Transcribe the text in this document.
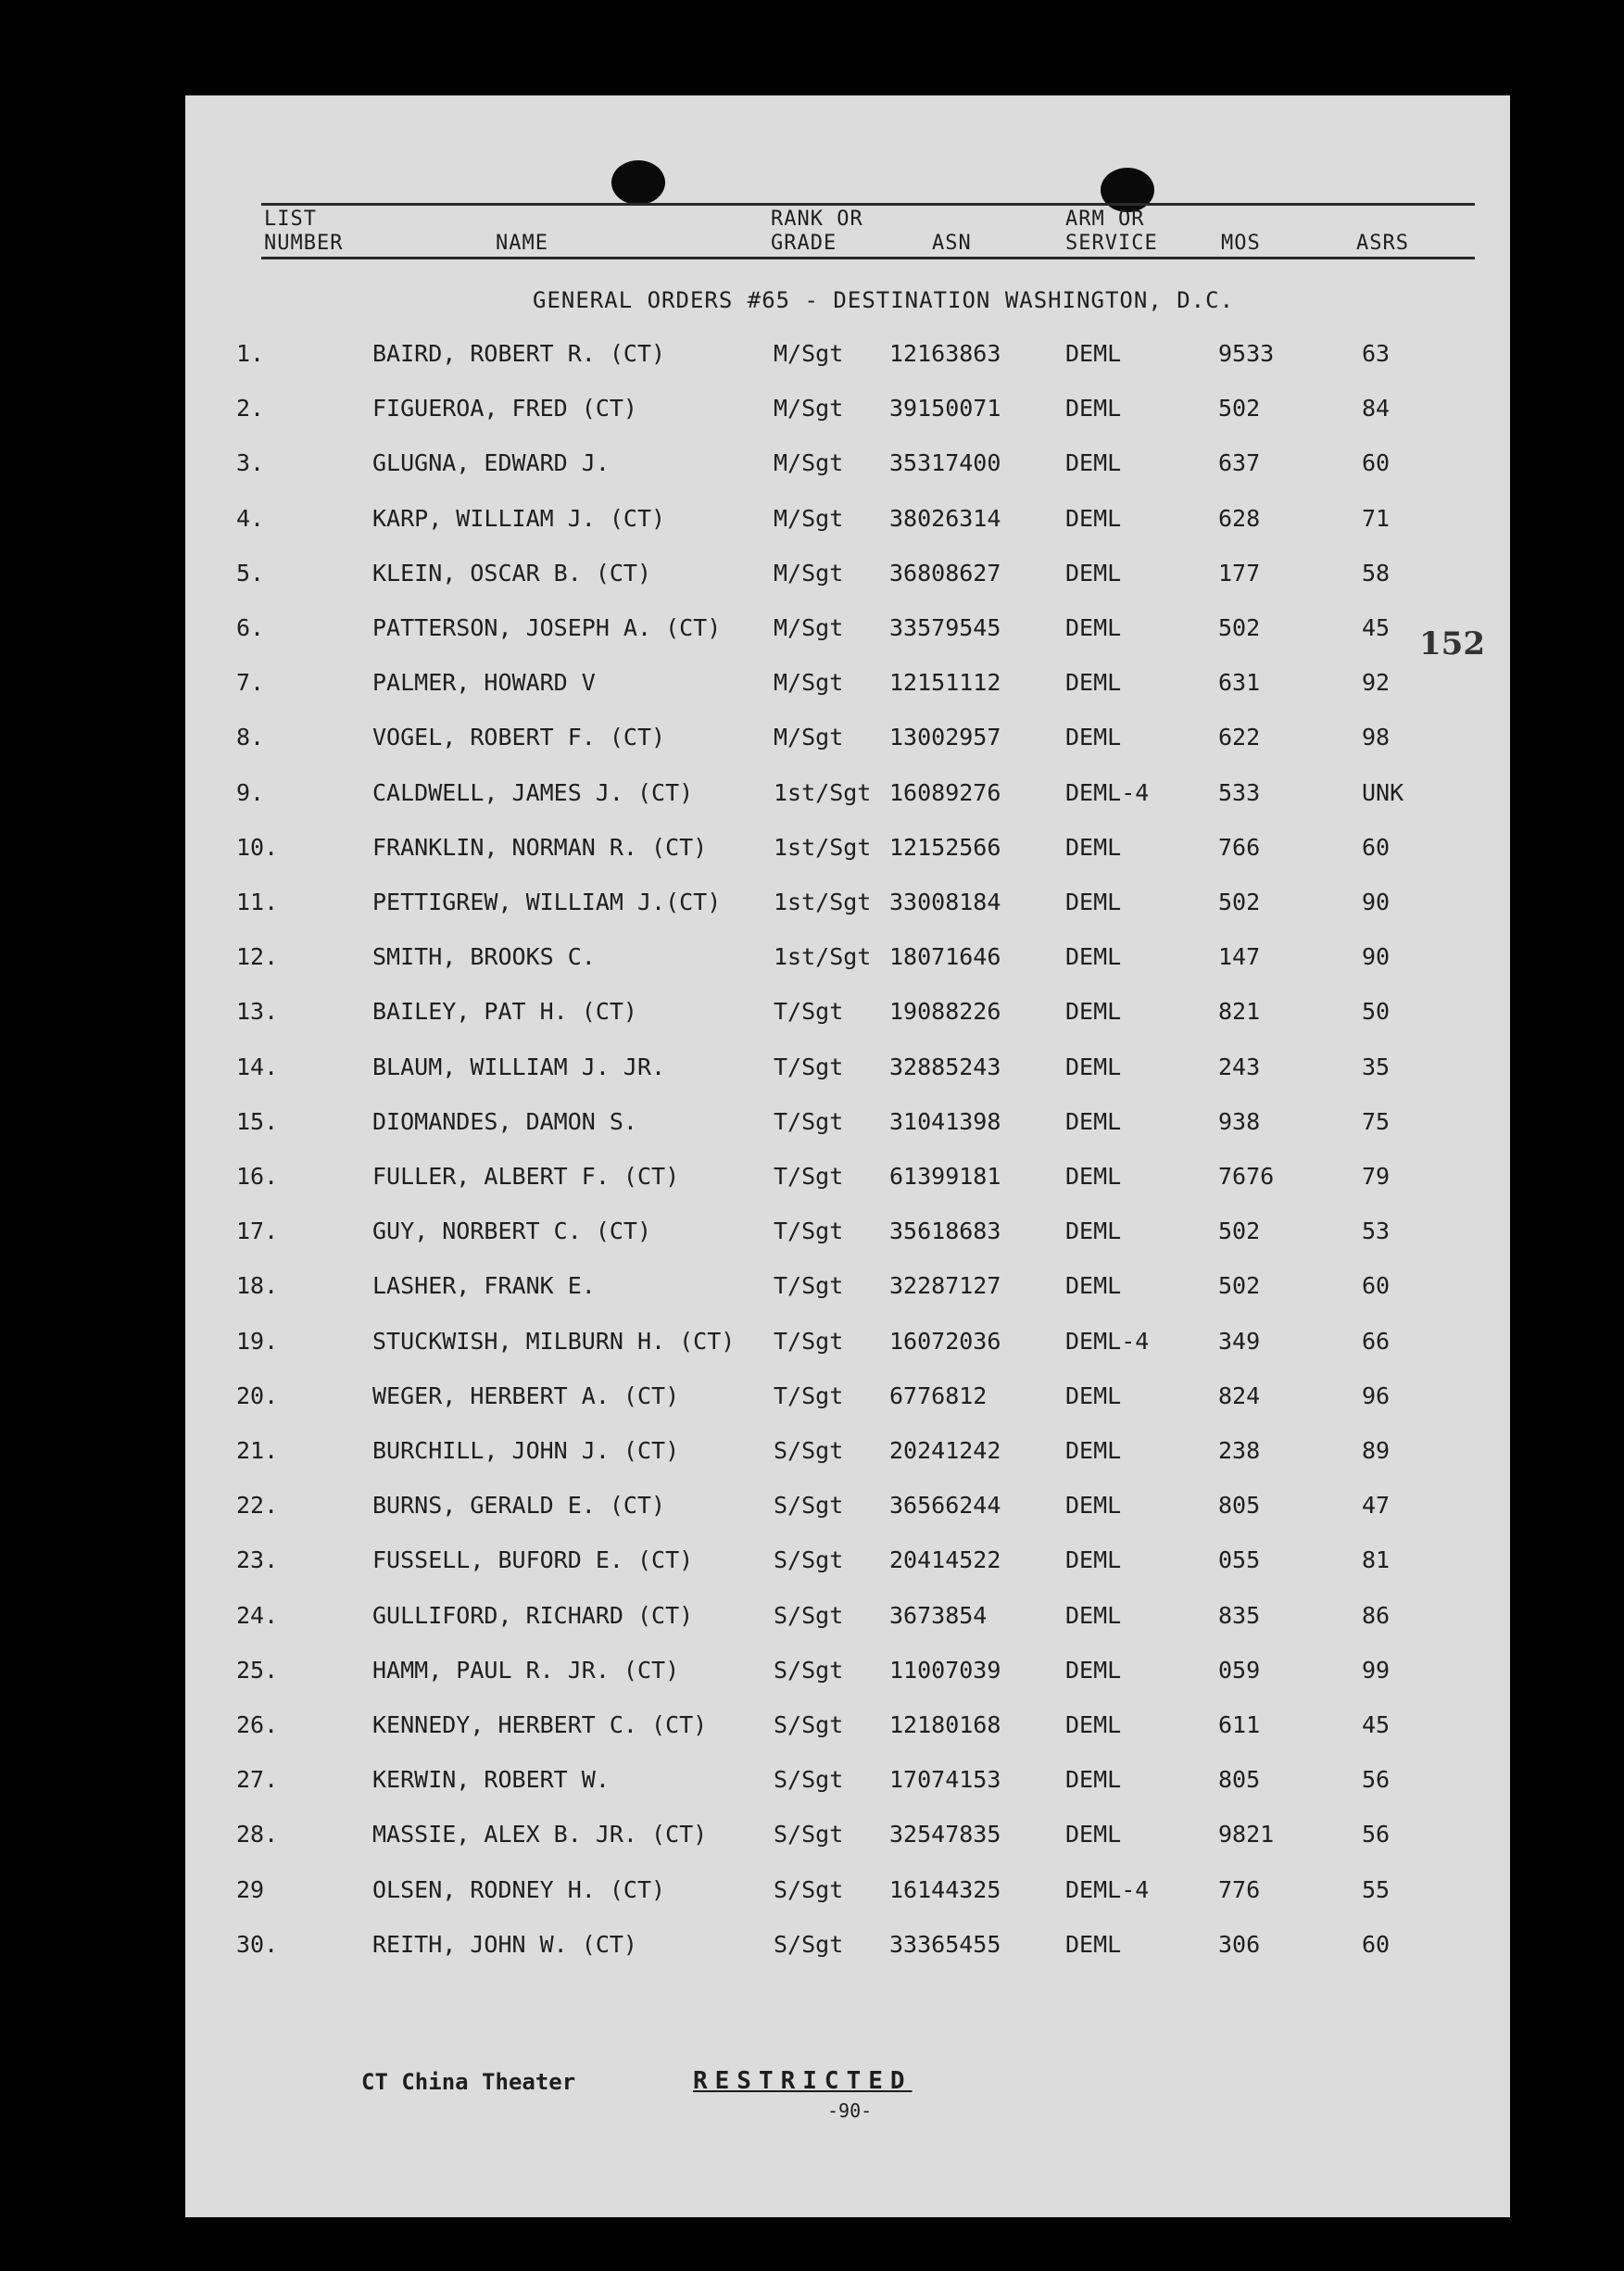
LIST
NUMBER	NAME
RANK OR
GRADE	ASN
ARM OR
SERVICE	MOS	ASRS
GENERAL ORDERS #65 - DESTINATION WASHINGTON, D.C.
1.	BAIRD, ROBERT R. (CT)	M/Sgt 12163863	DEML	9533	63
2.	FIGUEROA, FRED (CT)	M/Sgt 39150071	DEML	502	84
3.	GLUGNA, EDWARD J.	M/Sgt 35317400	DEML	637	60
4.	KARP, WILLIAM J. (CT)	M/Sgt 38026314	DEML	628	71
5.	KLEIN, OSCAR B. (CT)	M/Sgt 36808627	DEML	177	58
6.	PATTERSON, JOSEPH A. (CT) M/Sgt 33579545	DEML	502	45
7.	PALMER, HOWARD V	M/Sgt 12151112	DEML	631	92
8.	VOGEL, ROBERT F. (CT)	M/Sgt 13002957	DEML	622	98
9.	CALDWELL, JAMES J. (CT)	1st/Sgt 16089276	DEML-4	533	UNK
10.	FRANKLIN, NORMAN R. (CT)	1st/Sgt 12152566	DEML	766	60
11.	PETTIGREW, WILLIAM J.(CT) 1st/Sgt 33008184	DEML	502	90
12.	SMITH, BROOKS C.	1st/Sgt 18071646	DEML	147	90
13.	BAILEY, PAT H. (CT)	T/Sgt 19088226	DEML	821	50
14.	BLAUM, WILLIAM J. JR.	T/Sgt 32885243	DEML	243	35
15.	DIOMANDES, DAMON S.	T/Sgt 31041398	DEML	938	75
16.	FULLER, ALBERT F. (CT)	T/Sgt 61399181	DEML	7676	79
17.	GUY, NORBERT C. (CT)	T/Sgt 35618683	DEML	502	53
18.	LASHER, FRANK E.	T/Sgt 32287127	DEML	502	60
19.	STUCKWISH, MILBURN H. (CT) T/Sgt 16072036	DEML-4	349	66
20.	WEGER, HERBERT A. (CT)	T/Sgt 6776812	DEML	824	96
21.	BURCHILL, JOHN J. (CT)	S/Sgt 20241242	DEML	238	89
22.	BURNS, GERALD E. (CT)	S/Sgt 36566244	DEML	805	47
23.	FUSSELL, BUFORD E. (CT)	S/Sgt 20414522	DEML	055	81
24.	GULLIFORD, RICHARD (CT)	S/Sgt 3673854	DEML	835	86
25.	HAMM, PAUL R. JR. (CT)	S/Sgt 11007039	DEML	059	99
26.	KENNEDY, HERBERT C. (CT)	S/Sgt 12180168	DEML	611	45
27.	KERWIN, ROBERT W.	S/Sgt 17074153	DEML	805	56
28.	MASSIE, ALEX B. JR. (CT)	S/Sgt 32547835	DEML	9821	56
29	OLSEN, RODNEY H. (CT)	S/Sgt 16144325	DEML-4	776	55
30.	REITH, JOHN W. (CT)	S/Sgt 33365455	DEML	306	60
152
CT China Theater	RESTRICTED
-90-
